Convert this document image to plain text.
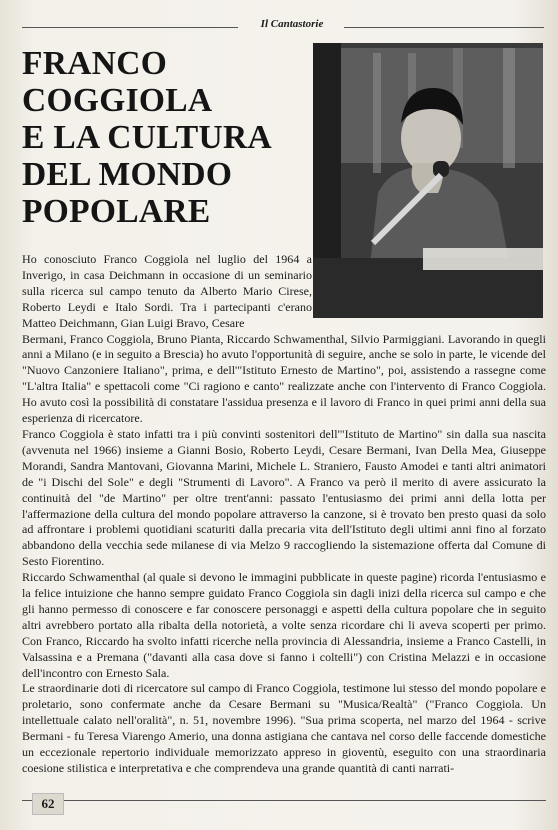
Il Cantastorie
FRANCO
COGGIOLA
E LA CULTURA
DEL MONDO
POPOLARE

Ho conosciuto Franco Coggiola nel luglio del 1964 a Inverigo, in casa Deichmann in occasione di un seminario sulla ricerca sul campo tenuto da Alberto Mario Cirese, Roberto Leydi e Italo Sordi. Tra i partecipanti c'erano Matteo Deichmann, Gian Luigi Bravo, Cesare

Bermani, Franco Coggiola, Bruno Pianta, Riccardo Schwamenthal, Silvio Parmiggiani. Lavorando in quegli anni a Milano (e in seguito a Brescia) ho avuto l'opportunità di seguire, anche se solo in parte, le vicende del "Nuovo Canzoniere Italiano", prima, e dell'"Istituto Ernesto de Martino", poi, assistendo a rassegne come "L'altra Italia" e spettacoli come "Ci ragiono e canto" realizzate anche con l'intervento di Franco Coggiola. Ho avuto così la possibilità di constatare l'assidua presenza e il lavoro di Franco in quei primi anni della sua esperienza di ricercatore.

Franco Coggiola è stato infatti tra i più convinti sostenitori dell'"Istituto de Martino" sin dalla sua nascita (avvenuta nel 1966) insieme a Gianni Bosio, Roberto Leydi, Cesare Bermani, Ivan Della Mea, Giuseppe Morandi, Sandra Mantovani, Giovanna Marini, Michele L. Straniero, Fausto Amodei e tanti altri animatori de "i Dischi del Sole" e degli "Strumenti di Lavoro". A Franco va però il merito di avere assicurato la continuità del "de Martino" per oltre trent'anni: passato l'entusiasmo dei primi anni della lotta per l'affermazione della cultura del mondo popolare attraverso la canzone, si è trovato ben presto quasi da solo ad affrontare i problemi quotidiani scaturiti dalla precaria vita dell'Istituto degli ultimi anni fino al forzato abbandono della vecchia sede milanese di via Melzo 9 raccogliendo la sistemazione offerta dal Comune di Sesto Fiorentino.

Riccardo Schwamenthal (al quale si devono le immagini pubblicate in queste pagine) ricorda l'entusiasmo e la felice intuizione che hanno sempre guidato Franco Coggiola sin dagli inizi della ricerca sul campo e che gli hanno permesso di conoscere e far conoscere personaggi e aspetti della cultura popolare che in seguito altri avrebbero portato alla ribalta della notorietà, a volte senza ricordare chi li aveva scoperti per primo. Con Franco, Riccardo ha svolto infatti ricerche nella provincia di Alessandria, insieme a Franco Castelli, in Valsassina e a Premana ("davanti alla casa dove si fanno i coltelli") con Cristina Melazzi e in occasione dell'incontro con Ernesto Sala.

Le straordinarie doti di ricercatore sul campo di Franco Coggiola, testimone lui stesso del mondo popolare e proletario, sono confermate anche da Cesare Bermani su "Musica/Realtà" ("Franco Coggiola. Un intellettuale calato nell'oralità", n. 51, novembre 1996). "Sua prima scoperta, nel marzo del 1964 - scrive Bermani - fu Teresa Viarengo Amerio, una donna astigiana che cantava nel corso delle faccende domestiche un eccezionale repertorio individuale memorizzato appreso in gioventù, eseguito con una straordinaria coesione stilistica e interpretativa e che comprendeva una grande quantità di canti narrati-

62
